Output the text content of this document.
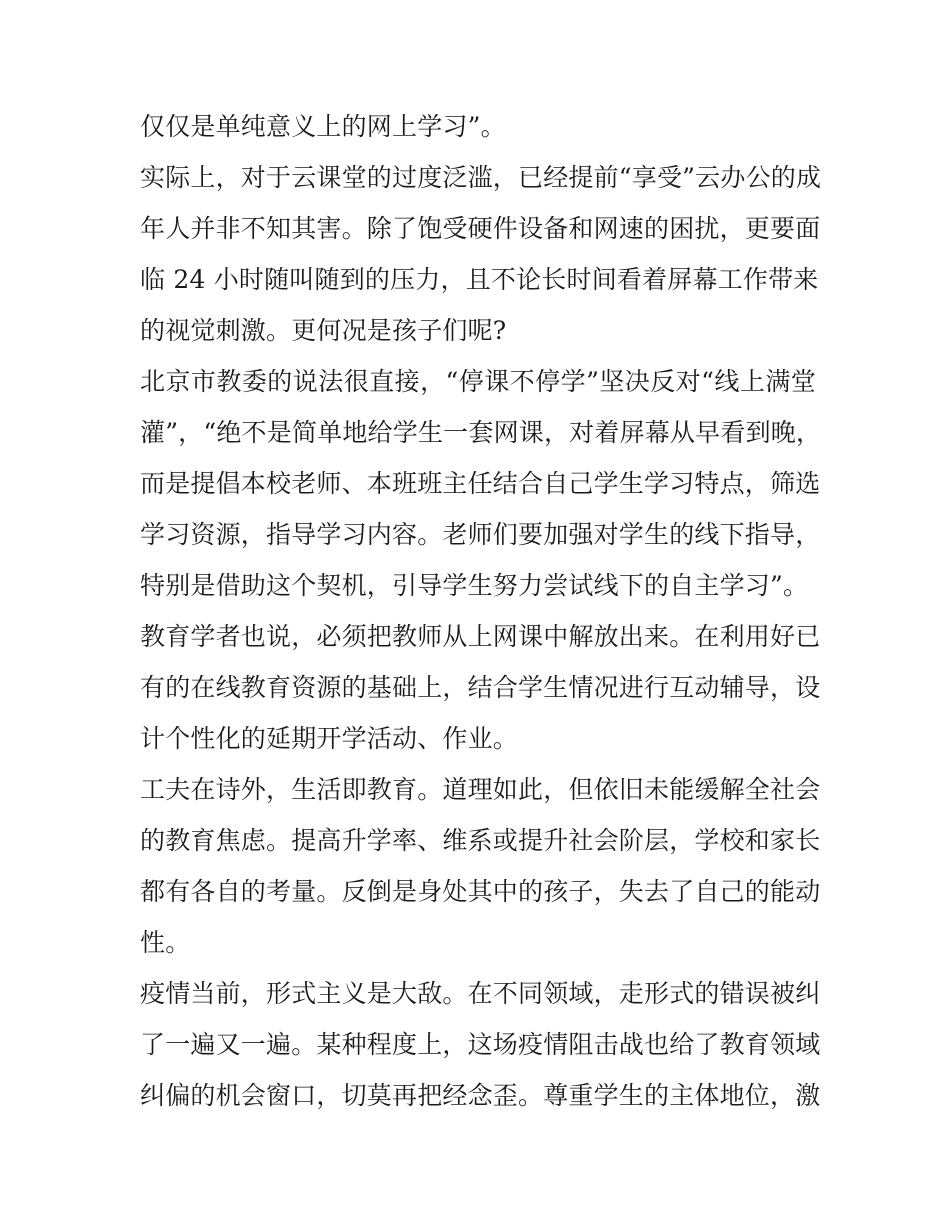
仅仅是单纯意义上的网上学习”。
实际上，对于云课堂的过度泛滥，已经提前“享受”云办公的成
年人并非不知其害。除了饱受硬件设备和网速的困扰，更要面
临 24 小时随叫随到的压力，且不论长时间看着屏幕工作带来
的视觉刺激。更何况是孩子们呢?
北京市教委的说法很直接，“停课不停学”坚决反对“线上满堂
灌”，“绝不是简单地给学生一套网课，对着屏幕从早看到晚，
而是提倡本校老师、本班班主任结合自己学生学习特点，筛选
学习资源，指导学习内容。老师们要加强对学生的线下指导，
特别是借助这个契机，引导学生努力尝试线下的自主学习”。
教育学者也说，必须把教师从上网课中解放出来。在利用好已
有的在线教育资源的基础上，结合学生情况进行互动辅导，设
计个性化的延期开学活动、作业。
工夫在诗外，生活即教育。道理如此，但依旧未能缓解全社会
的教育焦虑。提高升学率、维系或提升社会阶层，学校和家长
都有各自的考量。反倒是身处其中的孩子，失去了自己的能动
性。
疫情当前，形式主义是大敌。在不同领域，走形式的错误被纠
了一遍又一遍。某种程度上，这场疫情阻击战也给了教育领域
纠偏的机会窗口，切莫再把经念歪。尊重学生的主体地位，激
